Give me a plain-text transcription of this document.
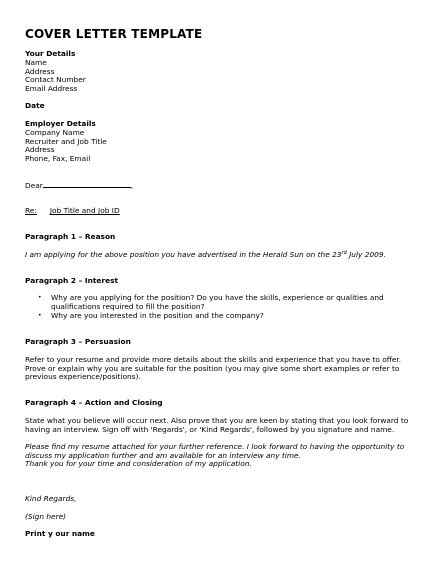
COVER LETTER TEMPLATE
Your Details
Name
Address
Contact Number
Email Address
Date
Employer Details
Company Name
Recruiter and Job Title
Address
Phone, Fax, Email
Dear	,
Re: Job Title and Job ID
Paragraph 1 – Reason
I am applying for the above position you have advertised in the Herald Sun on the 23rd July 2009.
Paragraph 2 – Interest
• Why are you applying for the position? Do you have the skills, experience or qualities and
qualifications required to fill the position?
• Why are you interested in the position and the company?
Paragraph 3 – Persuasion
Refer to your resume and provide more details about the skills and experience that you have to offer.
Prove or explain why you are suitable for the position (you may give some short examples or refer to
previous experience/positions).
Paragraph 4 – Action and Closing
State what you believe will occur next. Also prove that you are keen by stating that you look forward to
having an interview. Sign off with 'Regards', or 'Kind Regards', followed by you signature and name.
Please find my resume attached for your further reference. I look forward to having the opportunity to
discuss my application further and am available for an interview any time.
Thank you for your time and consideration of my application.
Kind Regards,
(Sign here)
Print y our name
